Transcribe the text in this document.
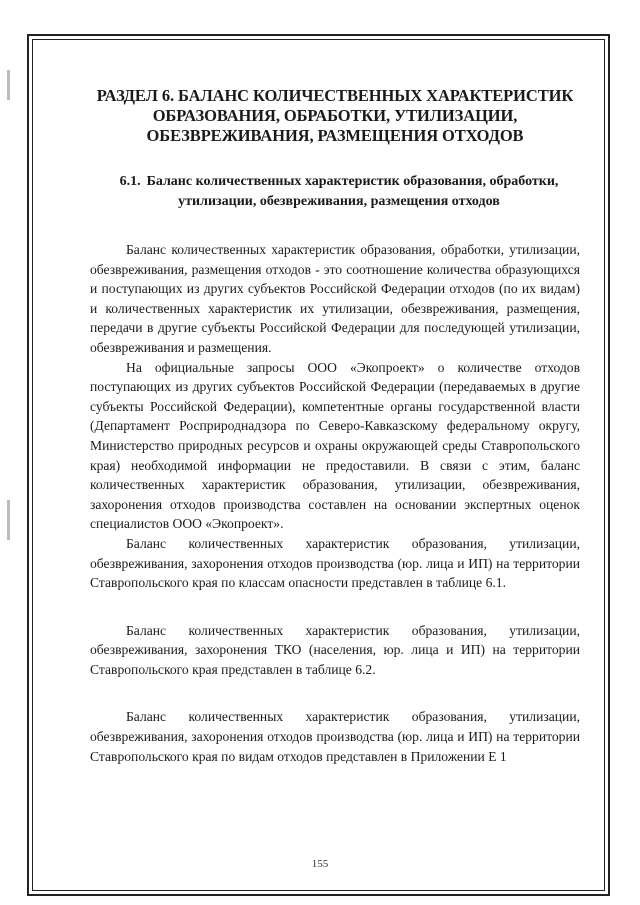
РАЗДЕЛ 6. БАЛАНС КОЛИЧЕСТВЕННЫХ ХАРАКТЕРИСТИК ОБРАЗОВАНИЯ, ОБРАБОТКИ, УТИЛИЗАЦИИ, ОБЕЗВРЕЖИВАНИЯ, РАЗМЕЩЕНИЯ ОТХОДОВ
6.1. Баланс количественных характеристик образования, обработки, утилизации, обезвреживания, размещения отходов

Баланс количественных характеристик образования, обработки, утилизации, обезвреживания, размещения отходов - это соотношение количества образующихся и поступающих из других субъектов Российской Федерации отходов (по их видам) и количественных характеристик их утилизации, обезвреживания, размещения, передачи в другие субъекты Российской Федерации для последующей утилизации, обезвреживания и размещения.

На официальные запросы ООО «Экопроект» о количестве отходов поступающих из других субъектов Российской Федерации (передаваемых в другие субъекты Российской Федерации), компетентные органы государственной власти (Департамент Росприроднадзора по Северо-Кавказскому федеральному округу, Министерство природных ресурсов и охраны окружающей среды Ставропольского края) необходимой информации не предоставили. В связи с этим, баланс количественных характеристик образования, утилизации, обезвреживания, захоронения отходов производства составлен на основании экспертных оценок специалистов ООО «Экопроект».

Баланс количественных характеристик образования, утилизации, обезвреживания, захоронения отходов производства (юр. лица и ИП) на территории Ставропольского края по классам опасности представлен в таблице 6.1.

Баланс количественных характеристик образования, утилизации, обезвреживания, захоронения ТКО (населения, юр. лица и ИП) на территории Ставропольского края представлен в таблице 6.2.

Баланс количественных характеристик образования, утилизации, обезвреживания, захоронения отходов производства (юр. лица и ИП) на территории Ставропольского края по видам отходов представлен в Приложении Е 1

155
